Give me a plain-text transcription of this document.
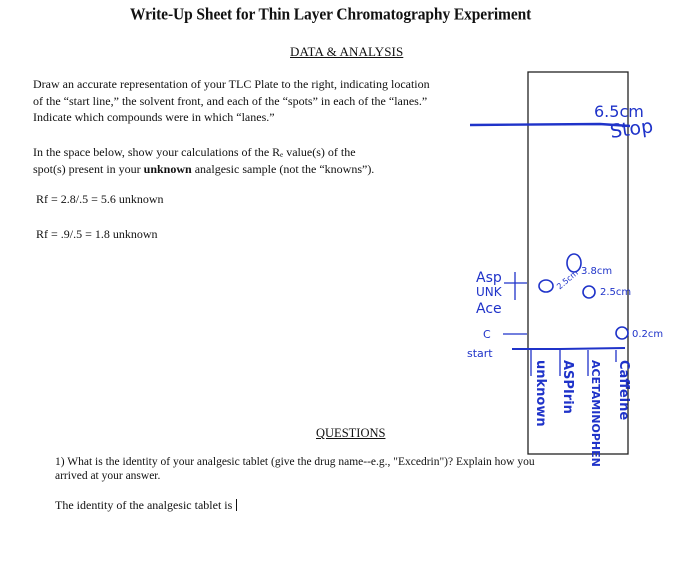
Write-Up Sheet for Thin Layer Chromatography Experiment
DATA & ANALYSIS
Draw an accurate representation of your TLC Plate to the right, indicating location
of the “start line,” the solvent front, and each of the “spots” in each of the “lanes.”
Indicate which compounds were in which “lanes.”
In the space below, show your calculations of the Rₑ value(s) of the
spot(s) present in your unknown analgesic sample (not the “knowns”).
Rf = 2.8/.5 = 5.6 unknown
Rf = .9/.5 = 1.8 unknown
QUESTIONS
1) What is the identity of your analgesic tablet (give the drug name--e.g., "Excedrin")? Explain how you
arrived at your answer.
The identity of the analgesic tablet is
6.5cm
Stop
start
Asp
UNK
Ace
C
3.8cm
2.5cm
2.5cm
0.2cm
unknown ASPIrin ACETAMINOPHEN Caffeine
